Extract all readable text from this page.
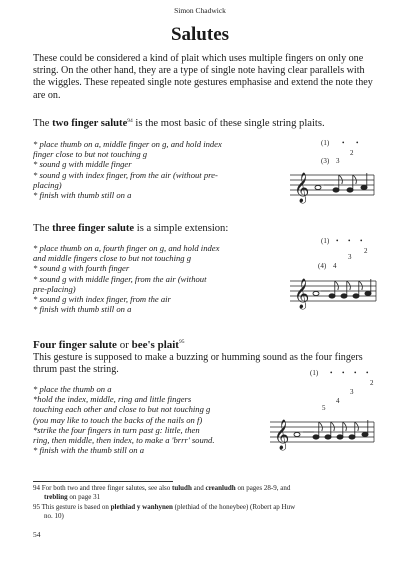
Simon Chadwick
Salutes
These could be considered a kind of plait which uses multiple fingers on only one string. On the other hand, they are a type of single note having clear parallels with the wiggles. These repeated single note gestures emphasise and extend the note they are on.
The two finger salute$^{94}$ is the most basic of these single string plaits.
* place thumb on a, middle finger on g, and hold index
finger close to but not touching g
* sound g with middle finger
* sound g with index finger, from the air (without pre-
placing)
* finish with thumb still on a
(1) • •
2
(3) 3
𝄞
The three finger salute is a simple extension:
* place thumb on a, fourth finger on g, and hold index
and middle fingers close to but not touching g
* sound g with fourth finger
* sound g with middle finger, from the air (without
pre-placing)
* sound g with index finger, from the air
* finish with thumb still on a
(1) • • •
2
3
(4) 4
𝄞
Four finger salute or bee's plait$^{95}$
This gesture is supposed to make a buzzing or humming sound as the four fingers thrum past the string.
* place the thumb on a
*hold the index, middle, ring and little fingers
touching each other and close to but not touching g
(you may like to touch the backs of the nails on f)
*strike the four fingers in turn past g: little, then
ring, then middle, then index, to make a 'brrr' sound.
* finish with the thumb still on a
(1) • • • •
2
3
4
5
𝄞
94 For both two and three finger salutes, see also tuludh and creanludh on pages 28-9, and
trebling on page 31
95 This gesture is based on plethiad y wanhynen (plethiad of the honeybee) (Robert ap Huw
no. 10)
54
